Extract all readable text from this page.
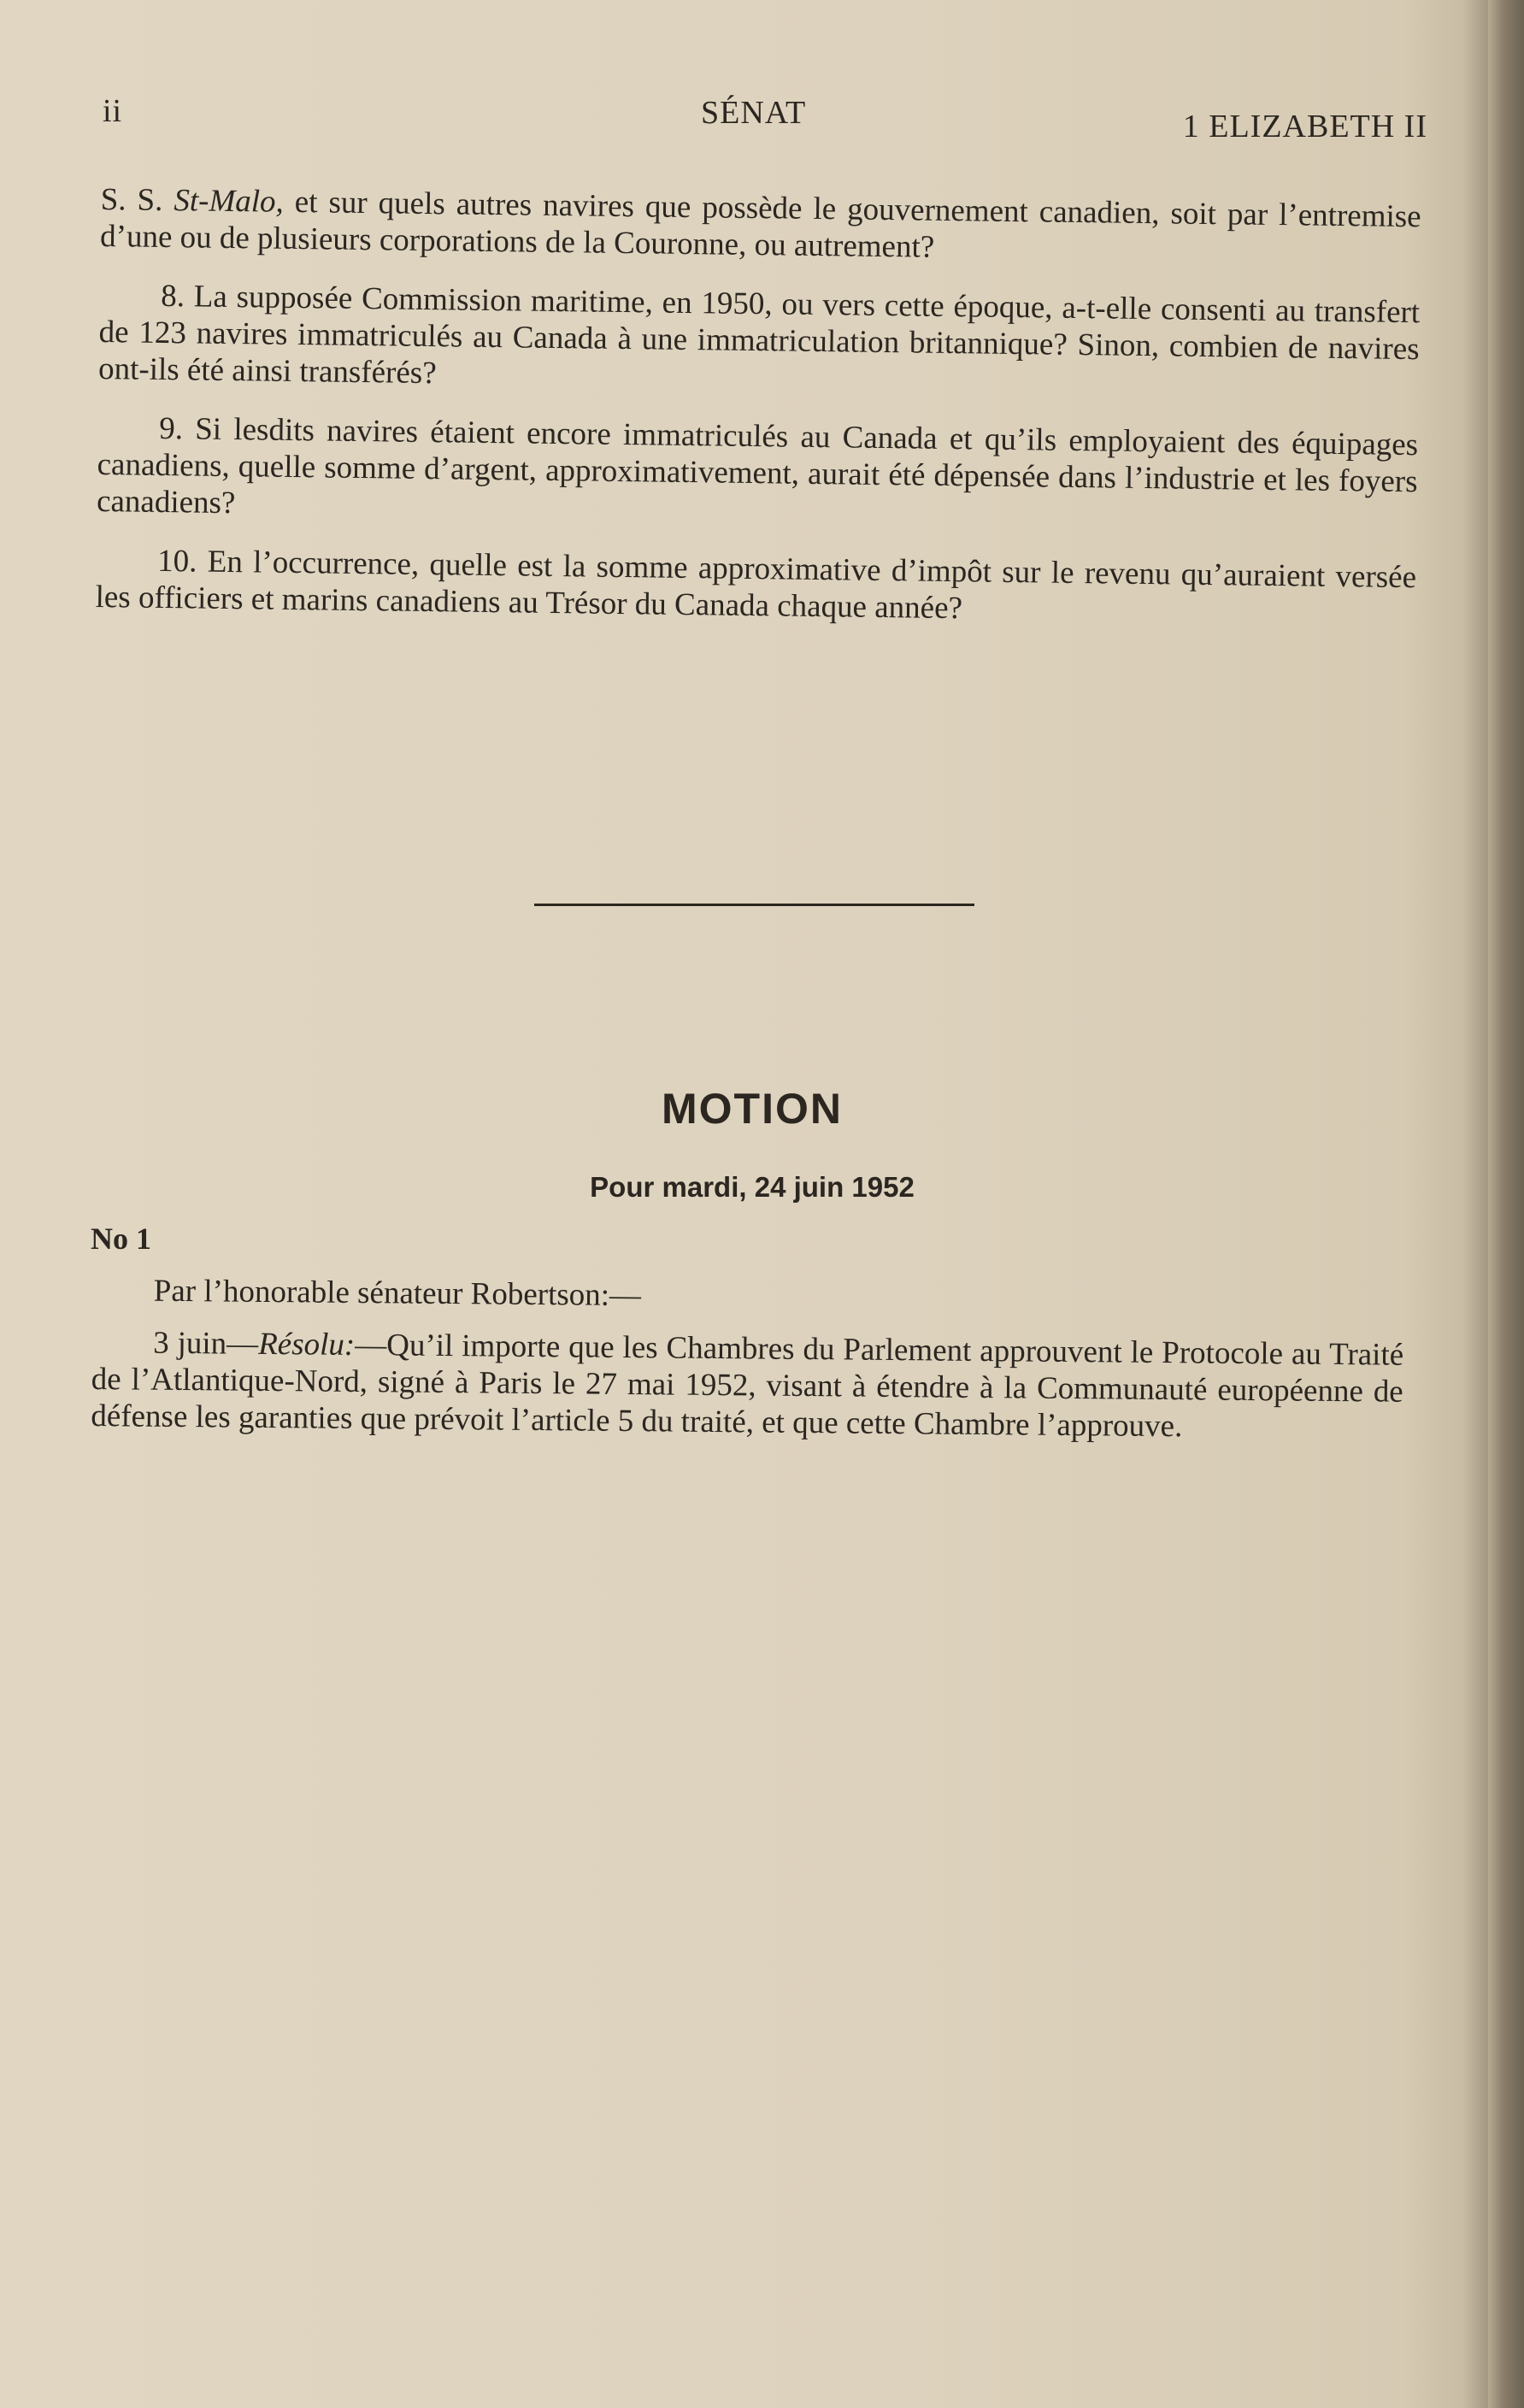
ii	SÉNAT	1 ELIZABETH II

S. S. St-Malo, et sur quels autres navires que possède le gouvernement canadien, soit par l’entremise d’une ou de plusieurs corporations de la Couronne, ou autrement?

8. La supposée Commission maritime, en 1950, ou vers cette époque, a-t-elle consenti au transfert de 123 navires immatriculés au Canada à une immatriculation britannique? Sinon, combien de navires ont-ils été ainsi transférés?

9. Si lesdits navires étaient encore immatriculés au Canada et qu’ils employaient des équipages canadiens, quelle somme d’argent, approximativement, aurait été dépensée dans l’industrie et les foyers canadiens?

10. En l’occurrence, quelle est la somme approximative d’impôt sur le revenu qu’auraient versée les officiers et marins canadiens au Trésor du Canada chaque année?

MOTION
Pour mardi, 24 juin 1952
No 1

Par l’honorable sénateur Robertson:—

3 juin—Résolu:—Qu’il importe que les Chambres du Parlement approuvent le Protocole au Traité de l’Atlantique-Nord, signé à Paris le 27 mai 1952, visant à étendre à la Communauté européenne de défense les garanties que prévoit l’article 5 du traité, et que cette Chambre l’approuve.
